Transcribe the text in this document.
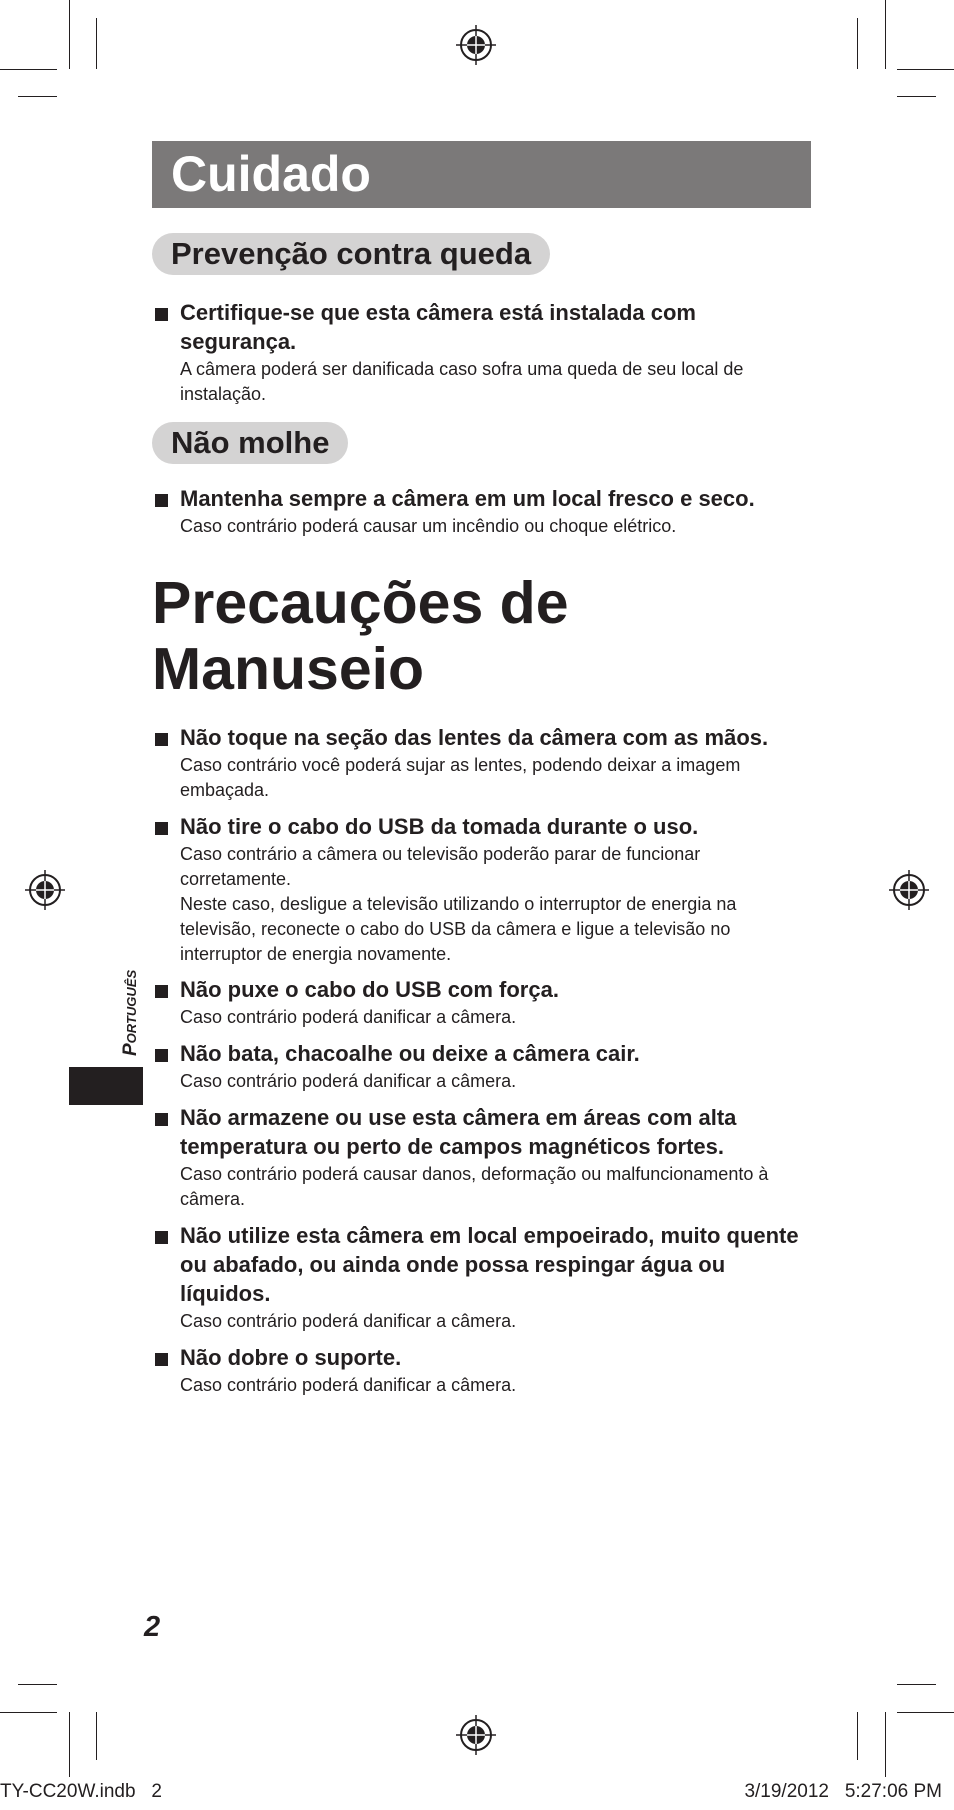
Cuidado
Prevenção contra queda
Certifique-se que esta câmera está instalada com segurança.
A câmera poderá ser danificada caso sofra uma queda de seu local de instalação.
Não molhe
Mantenha sempre a câmera em um local fresco e seco.
Caso contrário poderá causar um incêndio ou choque elétrico.
Precauções de
Manuseio
Não toque na seção das lentes da câmera com as mãos.
Caso contrário você poderá sujar as lentes, podendo deixar a imagem embaçada.
Não tire o cabo do USB da tomada durante o uso.
Caso contrário a câmera ou televisão poderão parar de funcionar corretamente.
Neste caso, desligue a televisão utilizando o interruptor de energia na televisão, reconecte o cabo do USB da câmera e ligue a televisão no interruptor de energia novamente.
Não puxe o cabo do USB com força.
Caso contrário poderá danificar a câmera.
Não bata, chacoalhe ou deixe a câmera cair.
Caso contrário poderá danificar a câmera.
Não armazene ou use esta câmera em áreas com alta temperatura ou perto de campos magnéticos fortes.
Caso contrário poderá causar danos, deformação ou malfuncionamento à câmera.
Não utilize esta câmera em local empoeirado, muito quente ou abafado, ou ainda onde possa respingar água ou líquidos.
Caso contrário poderá danificar a câmera.
Não dobre o suporte.
Caso contrário poderá danificar a câmera.
Português
2
TY-CC20W.indb   2	3/19/2012   5:27:06 PM
